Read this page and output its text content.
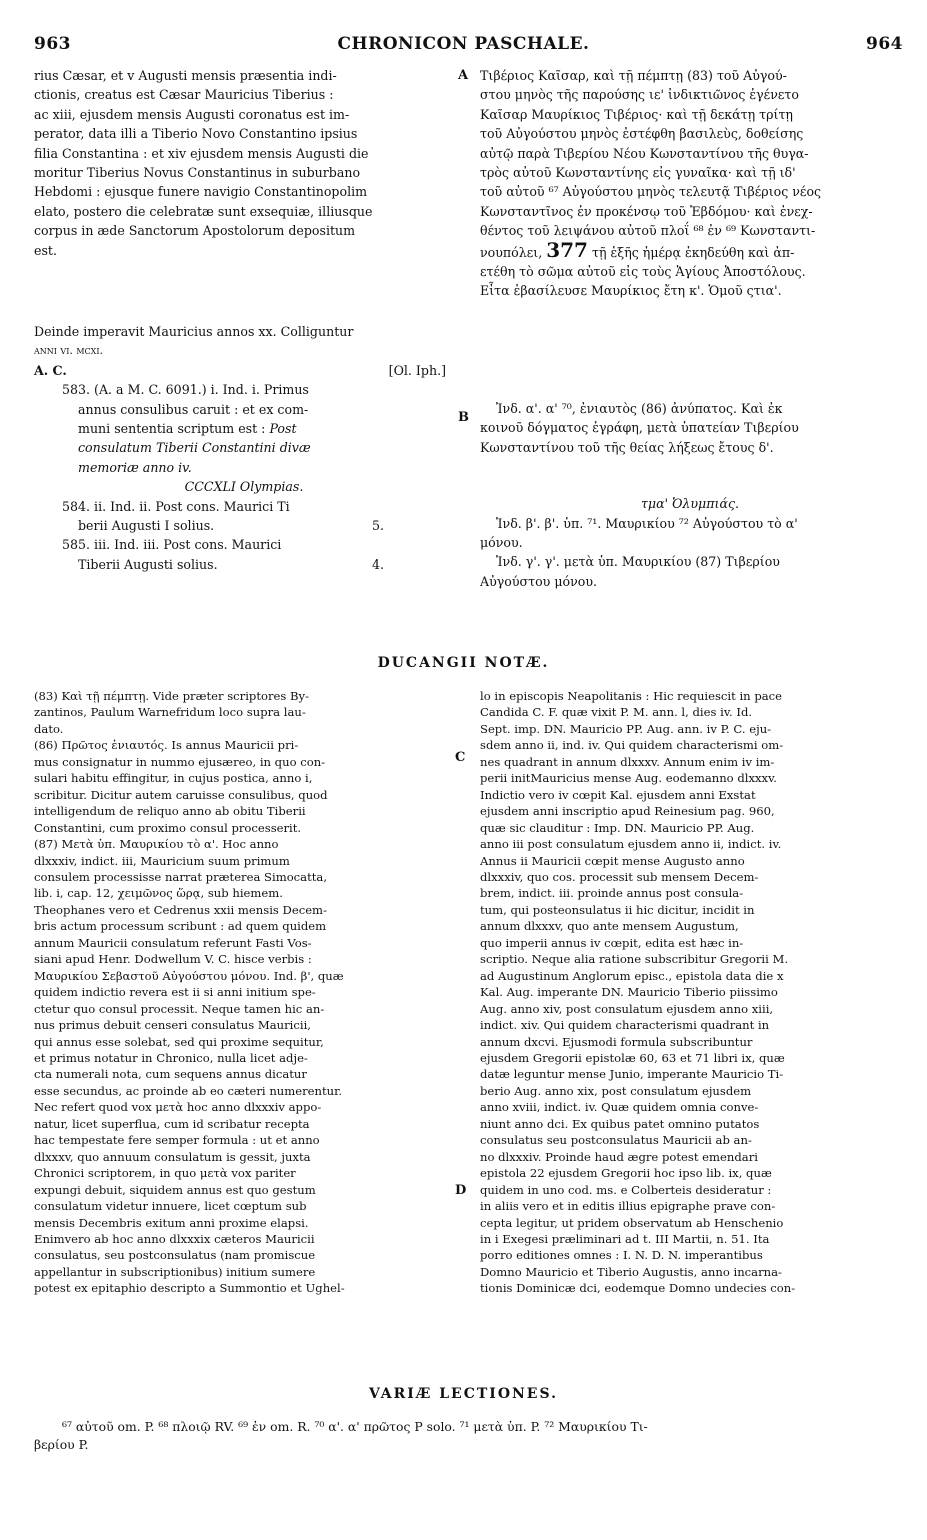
963	CHRONICON PASCHALE.	964
A
B
C
D

rius Cæsar, et v Augusti mensis præsentia indi-

ctionis, creatus est Cæsar Mauricius Tiberius :

ac xiii, ejusdem mensis Augusti coronatus est im-

perator, data illi a Tiberio Novo Constantino ipsius

filia Constantina : et xiv ejusdem mensis Augusti die

moritur Tiberius Novus Constantinus in suburbano

Hebdomi : ejusque funere navigio Constantinopolim

elato, postero die celebratæ sunt exsequiæ, illiusque

corpus in æde Sanctorum Apostolorum depositum

est.

Τιβέριος Καῖσαρ, καὶ τῇ πέμπτῃ (83) τοῦ Αὐγού-

στου μηνὸς τῆς παρούσης ιε' ἰνδικτιῶνος ἐγένετο

Καῖσαρ Μαυρίκιος Τιβέριος· καὶ τῇ δεκάτῃ τρίτῃ

τοῦ Αὐγούστου μηνὸς ἐστέφθη βασιλεὺς, δοθείσης

αὐτῷ παρὰ Τιβερίου Νέου Κωνσταντίνου τῆς θυγα-

τρὸς αὐτοῦ Κωνσταντίνης εἰς γυναῖκα· καὶ τῇ ιδ'

τοῦ αὐτοῦ ⁶⁷ Αὐγούστου μηνὸς τελευτᾷ Τιβέριος νέος

Κωνσταντῖνος ἐν προκένσῳ τοῦ Ἑβδόμου· καὶ ἐνεχ-

θέντος τοῦ λειψάνου αὐτοῦ πλοΐ ⁶⁸ ἐν ⁶⁹ Κωνσταντι-

νουπόλει, 377 τῇ ἑξῆς ἡμέρᾳ ἐκηδεύθη καὶ ἀπ-

ετέθη τὸ σῶμα αὐτοῦ εἰς τοὺς Ἁγίους Ἀποστόλους.

Εἶτα ἐβασίλευσε Μαυρίκιος ἔτη κ'. Ὁμοῦ ςτια'.

Deinde imperavit Mauricius annos xx. Colliguntur

anni vi. mcxi.

A. C.	[Ol. Iph.]

583. (A. a M. C. 6091.) i. Ind. i. Primus

annus consulibus caruit : et ex com-

muni sententia scriptum est : Post

consulatum Tiberii Constantini divæ

memoriæ anno iv.

CCCXLI Olympias.

584. ii. Ind. ii. Post cons. Maurici Ti

berii Augusti I solius.	5.

585. iii. Ind. iii. Post cons. Maurici

Tiberii Augusti solius.	4.

Ἰνδ. α'. α' ⁷⁰, ἐνιαυτὸς (86) ἀνύπατος. Καὶ ἐκ

κοινοῦ δόγματος ἐγράφη, μετὰ ὑπατείαν Τιβερίου

Κωνσταντίνου τοῦ τῆς θείας λήξεως ἔτους δ'.

τμα' Ὀλυμπιάς.

Ἰνδ. β'. β'. ὑπ. ⁷¹. Μαυρικίου ⁷² Αὐγούστου τὸ α'

μόνου.

Ἰνδ. γ'. γ'. μετὰ ὑπ. Μαυρικίου (87) Τιβερίου

Αὐγούστου μόνου.

DUCANGII NOTÆ.

(83) Καὶ τῇ πέμπτῃ. Vide præter scriptores By-

zantinos, Paulum Warnefridum loco supra lau-

dato.

(86) Πρῶτος ἐνιαυτός. Is annus Mauricii pri-

mus consignatur in nummo ejusæreo, in quo con-

sulari habitu effingitur, in cujus postica, anno i,

scribitur. Dicitur autem caruisse consulibus, quod

intelligendum de reliquo anno ab obitu Tiberii

Constantini, cum proximo consul processerit.

(87) Μετὰ ὑπ. Μαυρικίου τὸ α'. Hoc anno

dlxxxiv, indict. iii, Mauricium suum primum

consulem processisse narrat præterea Simocatta,

lib. i, cap. 12, χειμῶνος ὥρᾳ, sub hiemem.

Theophanes vero et Cedrenus xxii mensis Decem-

bris actum processum scribunt : ad quem quidem

annum Mauricii consulatum referunt Fasti Vos-

siani apud Henr. Dodwellum V. C. hisce verbis :

Μαυρικίου Σεβαστοῦ Αὐγούστου μόνου. Ind. β', quæ

quidem indictio revera est ii si anni initium spe-

ctetur quo consul processit. Neque tamen hic an-

nus primus debuit censeri consulatus Mauricii,

qui annus esse solebat, sed qui proxime sequitur,

et primus notatur in Chronico, nulla licet adje-

cta numerali nota, cum sequens annus dicatur

esse secundus, ac proinde ab eo cæteri numerentur.

Nec refert quod vox μετὰ hoc anno dlxxxiv appo-

natur, licet superflua, cum id scribatur recepta

hac tempestate fere semper formula : ut et anno

dlxxxv, quo annuum consulatum is gessit, juxta

Chronici scriptorem, in quo μετὰ vox pariter

expungi debuit, siquidem annus est quo gestum

consulatum videtur innuere, licet cœptum sub

mensis Decembris exitum anni proxime elapsi.

Enimvero ab hoc anno dlxxxix cæteros Mauricii

consulatus, seu postconsulatus (nam promiscue

appellantur in subscriptionibus) initium sumere

potest ex epitaphio descripto a Summontio et Ughel-

lo in episcopis Neapolitanis : Hic requiescit in pace

Candida C. F. quæ vixit P. M. ann. l, dies iv. Id.

Sept. imp. DN. Mauricio PP. Aug. ann. iv P. C. eju-

sdem anno ii, ind. iv. Qui quidem characterismi om-

nes quadrant in annum dlxxxv. Annum enim iv im-

perii initMauricius mense Aug. eodemanno dlxxxv.

Indictio vero iv cœpit Kal. ejusdem anni Exstat

ejusdem anni inscriptio apud Reinesium pag. 960,

quæ sic clauditur : Imp. DN. Mauricio PP. Aug.

anno iii post consulatum ejusdem anno ii, indict. iv.

Annus ii Mauricii cœpit mense Augusto anno

dlxxxiv, quo cos. processit sub mensem Decem-

brem, indict. iii. proinde annus post consula-

tum, qui posteonsulatus ii hic dicitur, incidit in

annum dlxxxv, quo ante mensem Augustum,

quo imperii annus iv cœpit, edita est hæc in-

scriptio. Neque alia ratione subscribitur Gregorii M.

ad Augustinum Anglorum episc., epistola data die x

Kal. Aug. imperante DN. Mauricio Tiberio piissimo

Aug. anno xiv, post consulatum ejusdem anno xiii,

indict. xiv. Qui quidem characterismi quadrant in

annum dxcvi. Ejusmodi formula subscribuntur

ejusdem Gregorii epistolæ 60, 63 et 71 libri ix, quæ

datæ leguntur mense Junio, imperante Mauricio Ti-

berio Aug. anno xix, post consulatum ejusdem

anno xviii, indict. iv. Quæ quidem omnia conve-

niunt anno dci. Ex quibus patet omnino putatos

consulatus seu postconsulatus Mauricii ab an-

no dlxxxiv. Proinde haud ægre potest emendari

epistola 22 ejusdem Gregorii hoc ipso lib. ix, quæ

quidem in uno cod. ms. e Colberteis desideratur :

in aliis vero et in editis illius epigraphe prave con-

cepta legitur, ut pridem observatum ab Henschenio

in i Exegesi præliminari ad t. III Martii, n. 51. Ita

porro editiones omnes : I. N. D. N. imperantibus

Domno Mauricio et Tiberio Augustis, anno incarna-

tionis Dominicæ dci, eodemque Domno undecies con-

VARIÆ LECTIONES.

⁶⁷ αὐτοῦ om. P. ⁶⁸ πλοιῷ RV. ⁶⁹ ἐν om. R. ⁷⁰ α'. α' πρῶτος P solo. ⁷¹ μετὰ ὑπ. P. ⁷² Μαυρικίου Τι-

βερίου P.
